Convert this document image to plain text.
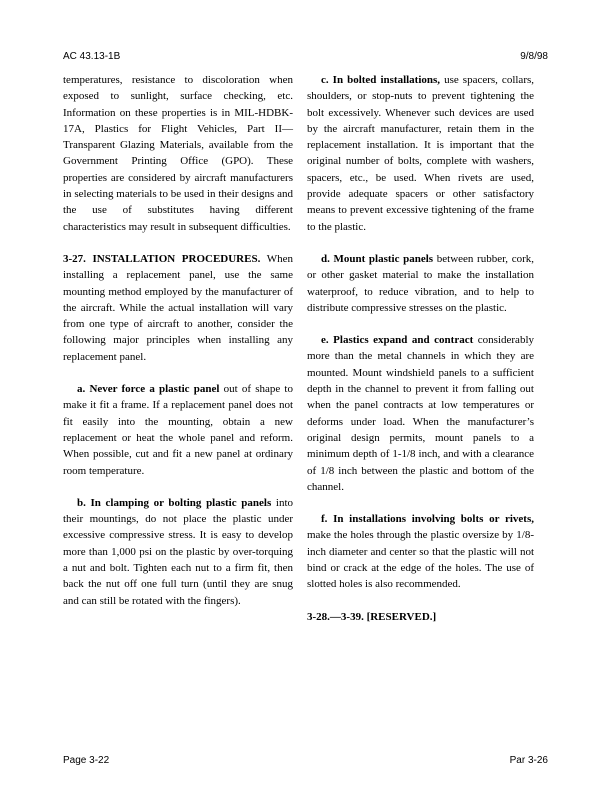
AC 43.13-1B	9/8/98

temperatures, resistance to discoloration when exposed to sunlight, surface checking, etc. Information on these properties is in MIL-HDBK-17A, Plastics for Flight Vehicles, Part II—Transparent Glazing Materials, available from the Government Printing Office (GPO). These properties are considered by aircraft manufacturers in selecting materials to be used in their designs and the use of substitutes having different characteristics may result in subsequent difficulties.

3-27. INSTALLATION PROCEDURES. When installing a replacement panel, use the same mounting method employed by the manufacturer of the aircraft. While the actual installation will vary from one type of aircraft to another, consider the following major principles when installing any replacement panel.

a. Never force a plastic panel out of shape to make it fit a frame. If a replacement panel does not fit easily into the mounting, obtain a new replacement or heat the whole panel and reform. When possible, cut and fit a new panel at ordinary room temperature.

b. In clamping or bolting plastic panels into their mountings, do not place the plastic under excessive compressive stress. It is easy to develop more than 1,000 psi on the plastic by over-torquing a nut and bolt. Tighten each nut to a firm fit, then back the nut off one full turn (until they are snug and can still be rotated with the fingers).

c. In bolted installations, use spacers, collars, shoulders, or stop-nuts to prevent tightening the bolt excessively. Whenever such devices are used by the aircraft manufacturer, retain them in the replacement installation. It is important that the original number of bolts, complete with washers, spacers, etc., be used. When rivets are used, provide adequate spacers or other satisfactory means to prevent excessive tightening of the frame to the plastic.

d. Mount plastic panels between rubber, cork, or other gasket material to make the installation waterproof, to reduce vibration, and to help to distribute compressive stresses on the plastic.

e. Plastics expand and contract considerably more than the metal channels in which they are mounted. Mount windshield panels to a sufficient depth in the channel to prevent it from falling out when the panel contracts at low temperatures or deforms under load. When the manufacturer’s original design permits, mount panels to a minimum depth of 1-1/8 inch, and with a clearance of 1/8 inch between the plastic and bottom of the channel.

f. In installations involving bolts or rivets, make the holes through the plastic oversize by 1/8-inch diameter and center so that the plastic will not bind or crack at the edge of the holes. The use of slotted holes is also recommended.

3-28.—3-39. [RESERVED.]

Page 3-22	Par 3-26
